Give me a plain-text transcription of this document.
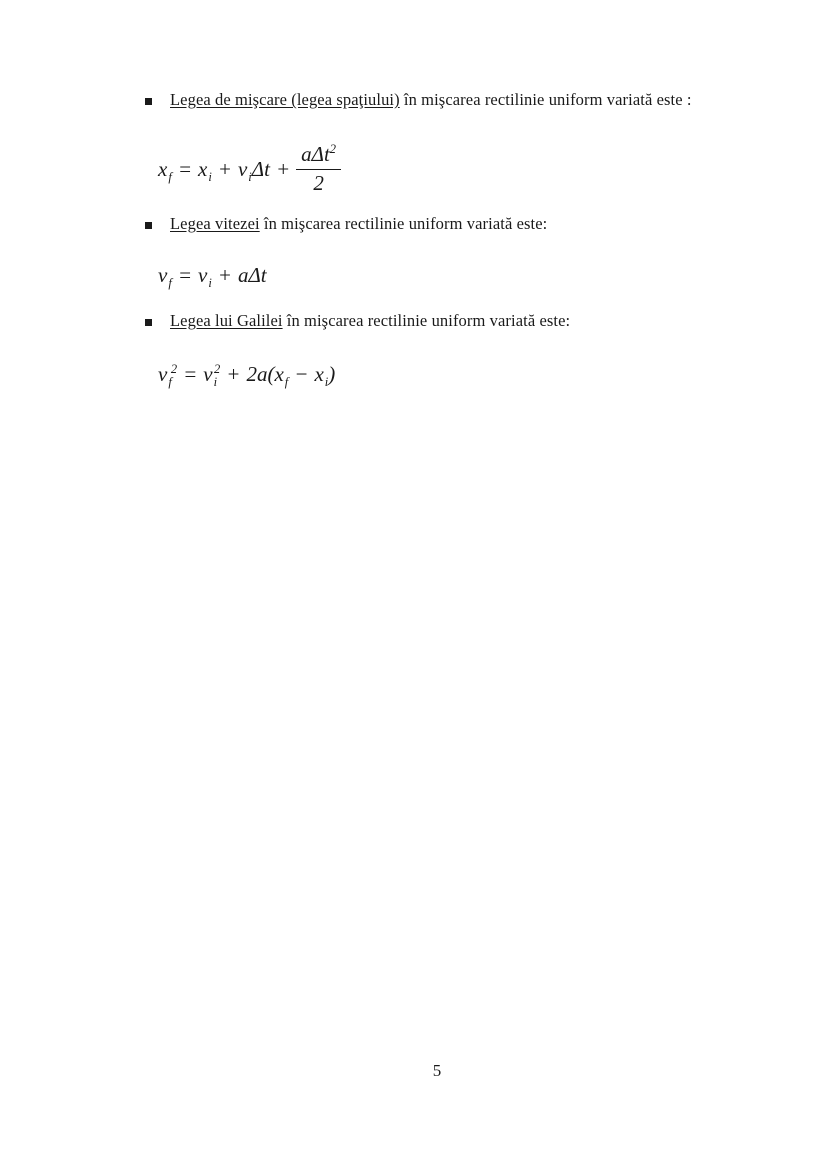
Legea de mişcare (legea spaţiului) în mişcarea rectilinie uniform variată este :

$x_f = x_i + v_i\Delta t + \frac{a\Delta t^2}{2}$

Legea vitezei în mişcarea rectilinie uniform variată este:

$v_f = v_i + a\Delta t$

Legea lui Galilei în mişcarea rectilinie uniform variată este:

$v_f^2 = v_i^2 + 2a(x_f - x_i)$
5
